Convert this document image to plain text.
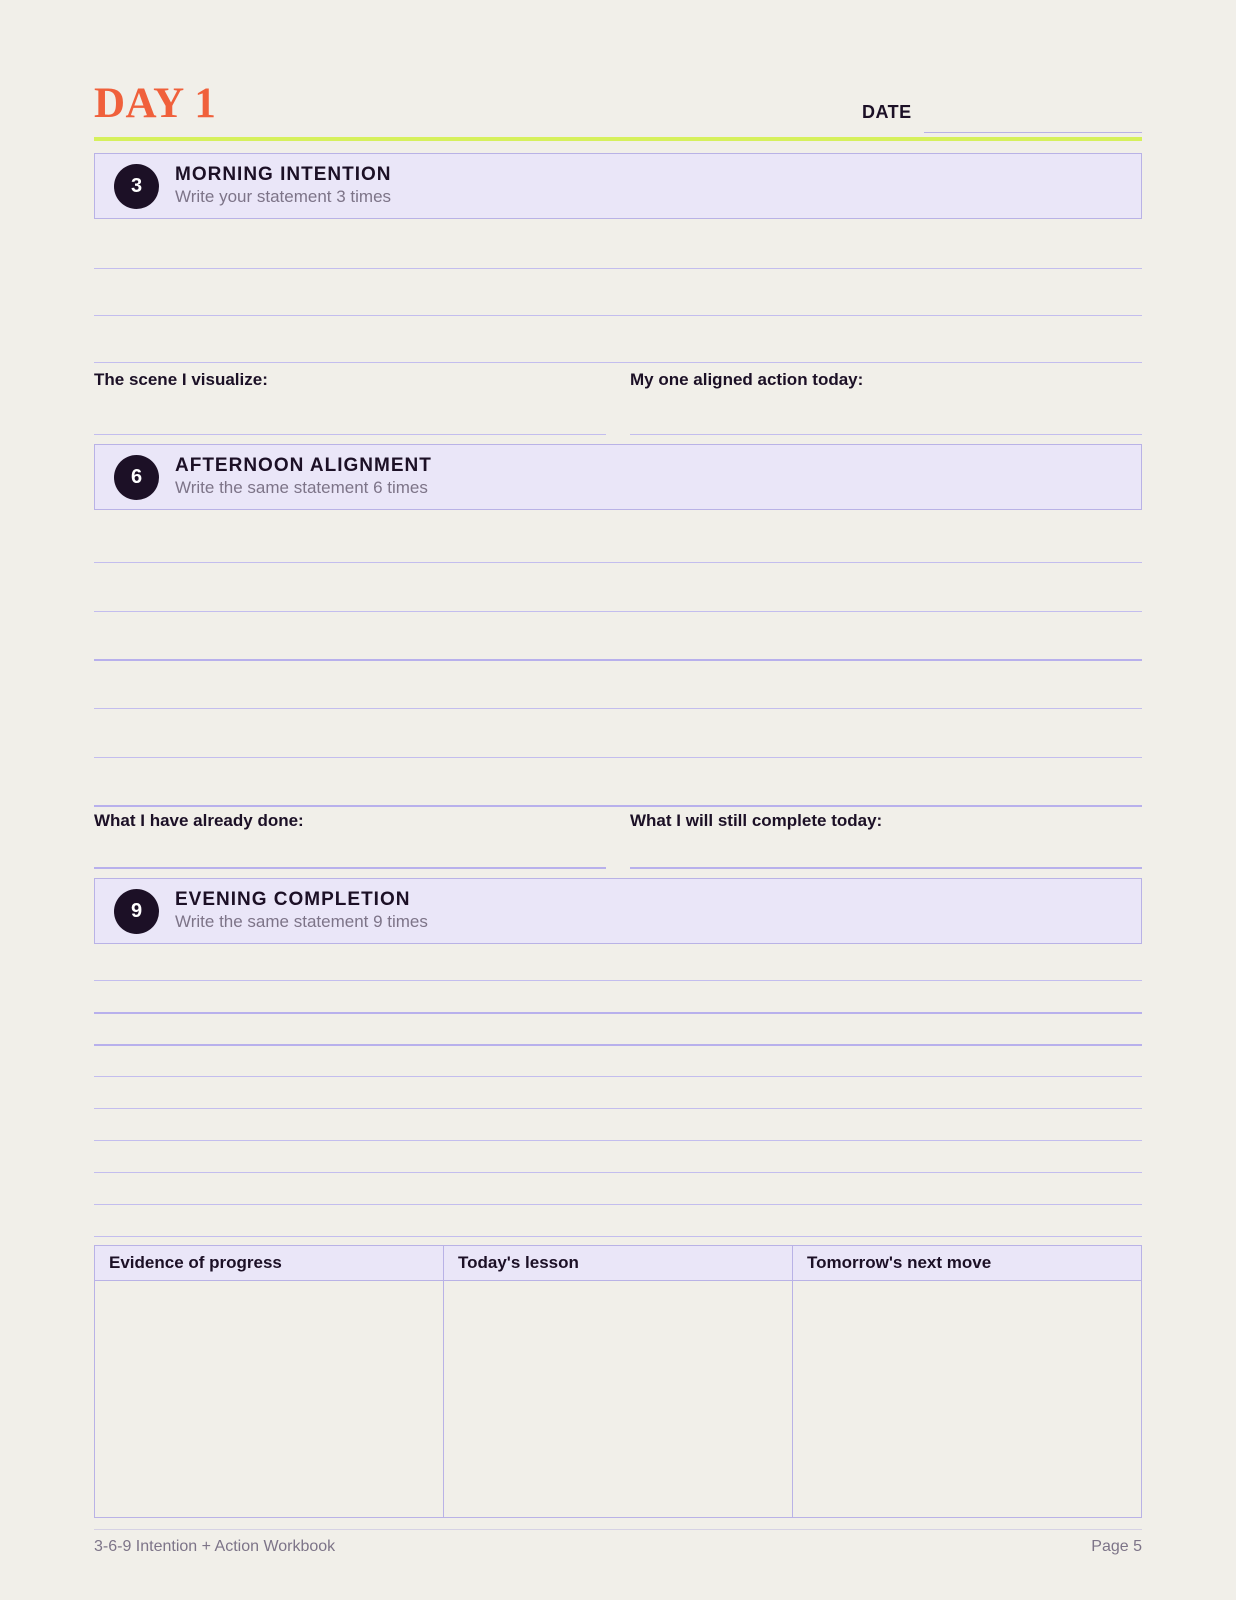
DAY 1	DATE
3
MORNING INTENTION
Write your statement 3 times
The scene I visualize:	My one aligned action today:
6
AFTERNOON ALIGNMENT
Write the same statement 6 times
What I have already done:	What I will still complete today:
9
EVENING COMPLETION
Write the same statement 9 times
Evidence of progress	Today's lesson	Tomorrow's next move
3-6-9 Intention + Action Workbook	Page 5
